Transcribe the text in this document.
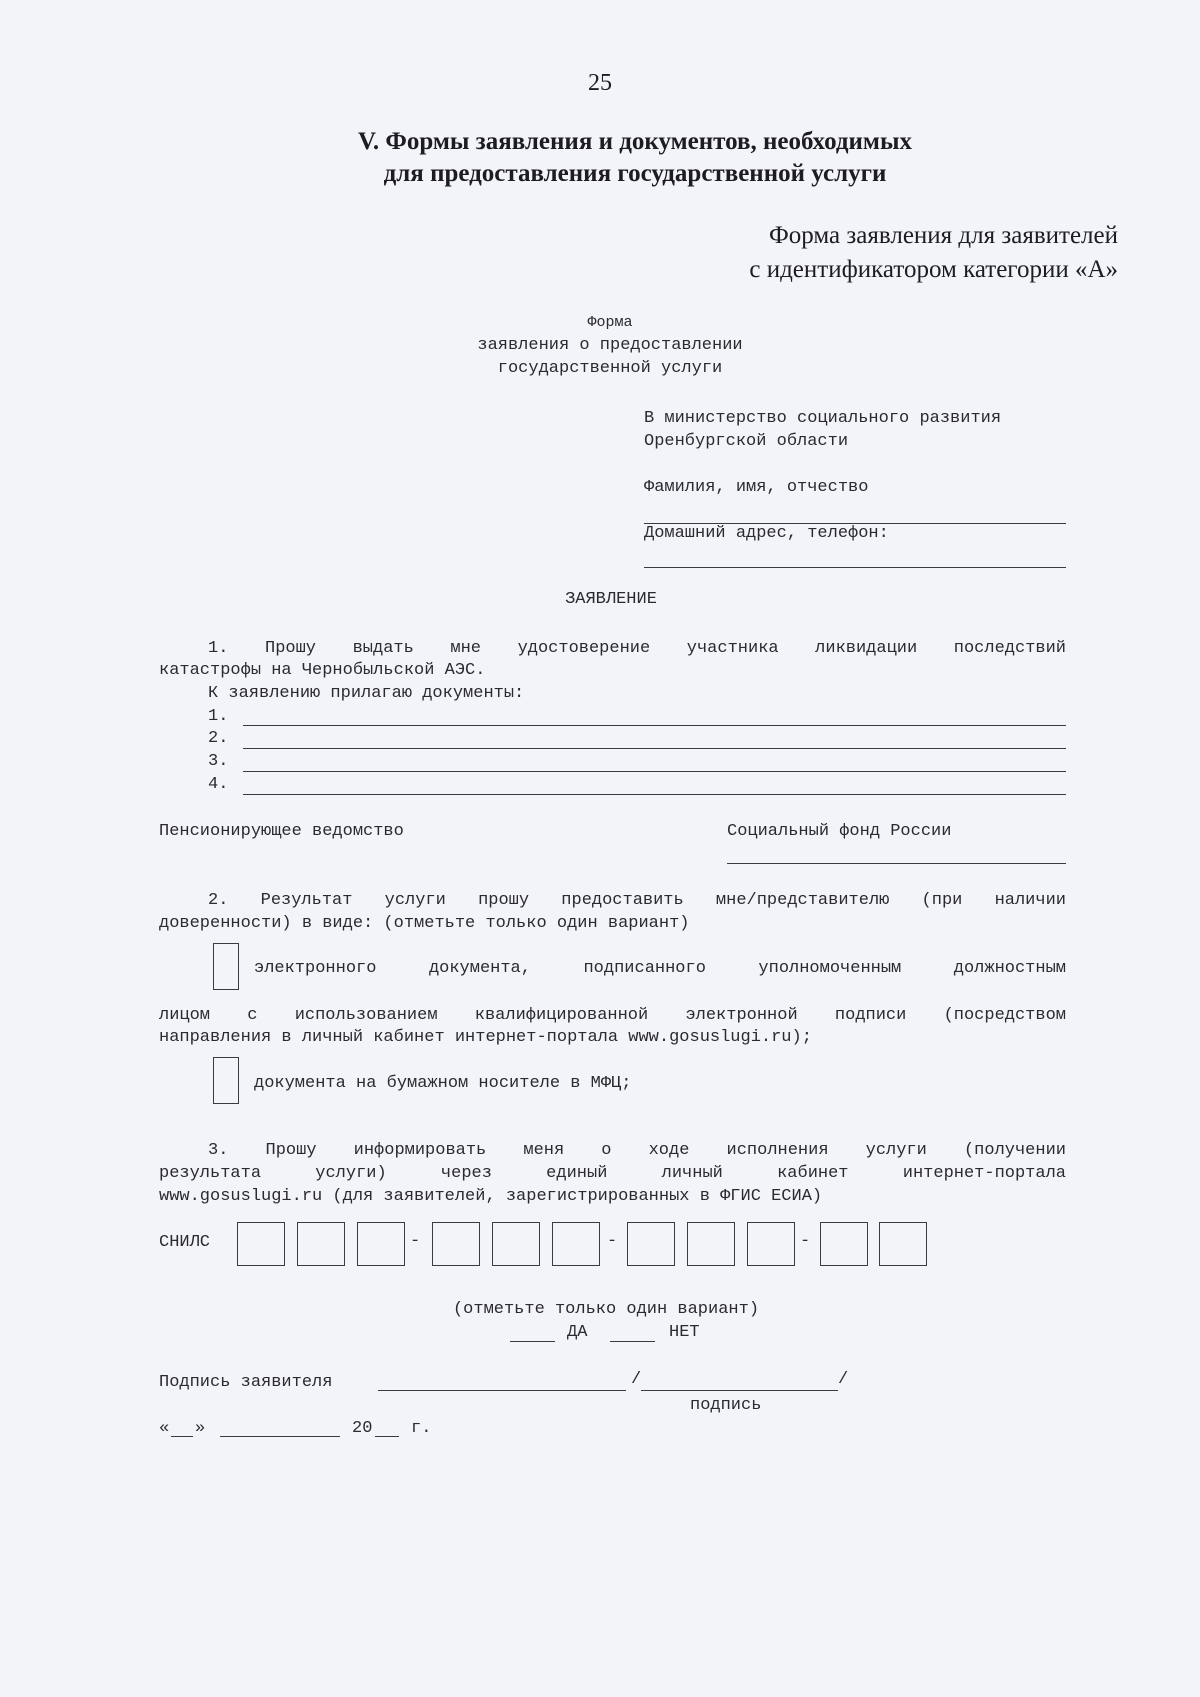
25
V. Формы заявления и документов, необходимых
для предоставления государственной услуги
Форма заявления для заявителей
с идентификатором категории «А»
Форма
заявления о предоставлении
государственной услуги
В министерство социального развития
Оренбургской области
Фамилия, имя, отчество
Домашний адрес, телефон:
ЗАЯВЛЕНИЕ
1. Прошу выдать мне удостоверение участника ликвидации последствий
катастрофы на Чернобыльской АЭС.
К заявлению прилагаю документы:
1.
2.
3.
4.
Пенсионирующее ведомство	Социальный фонд России
2. Результат услуги прошу предоставить мне/представителю (при наличии
доверенности) в виде: (отметьте только один вариант)
электронного документа, подписанного уполномоченным должностным
лицом с использованием квалифицированной электронной подписи (посредством
направления в личный кабинет интернет-портала www.gosuslugi.ru);
документа на бумажном носителе в МФЦ;
3. Прошу информировать меня о ходе исполнения услуги (получении
результата услуги) через единый личный кабинет интернет-портала
www.gosuslugi.ru (для заявителей, зарегистрированных в ФГИС ЕСИА)
СНИЛС	-	-	-
(отметьте только один вариант)
ДА	НЕТ
Подпись заявителя	/	/
подпись
« »	20 г.
